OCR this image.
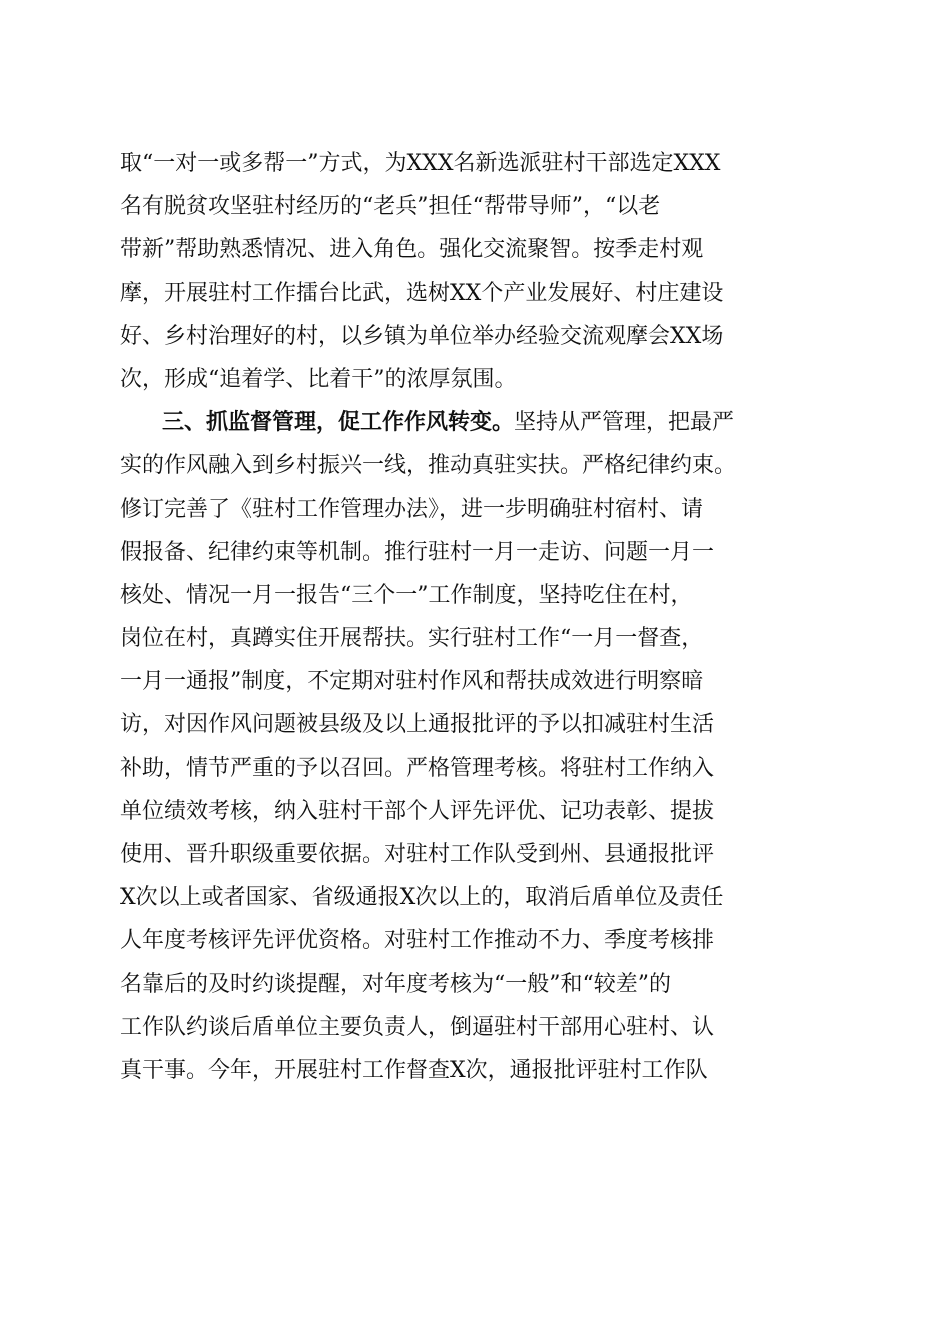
取“一对一或多帮一”方式，为XXX名新选派驻村干部选定XXX
名有脱贫攻坚驻村经历的“老兵”担任“帮带导师”，“以老
带新”帮助熟悉情况、进入角色。强化交流聚智。按季走村观
摩，开展驻村工作擂台比武，选树XX个产业发展好、村庄建设
好、乡村治理好的村，以乡镇为单位举办经验交流观摩会XX场
次，形成“追着学、比着干”的浓厚氛围。
三、抓监督管理，促工作作风转变。坚持从严管理，把最严
实的作风融入到乡村振兴一线，推动真驻实扶。严格纪律约束。
修订完善了《驻村工作管理办法》，进一步明确驻村宿村、请
假报备、纪律约束等机制。推行驻村一月一走访、问题一月一
核处、情况一月一报告“三个一”工作制度，坚持吃住在村，
岗位在村，真蹲实住开展帮扶。实行驻村工作“一月一督查，
一月一通报”制度，不定期对驻村作风和帮扶成效进行明察暗
访，对因作风问题被县级及以上通报批评的予以扣减驻村生活
补助，情节严重的予以召回。严格管理考核。将驻村工作纳入
单位绩效考核，纳入驻村干部个人评先评优、记功表彰、提拔
使用、晋升职级重要依据。对驻村工作队受到州、县通报批评
X次以上或者国家、省级通报X次以上的，取消后盾单位及责任
人年度考核评先评优资格。对驻村工作推动不力、季度考核排
名靠后的及时约谈提醒，对年度考核为“一般”和“较差”的
工作队约谈后盾单位主要负责人，倒逼驻村干部用心驻村、认
真干事。今年，开展驻村工作督查X次，通报批评驻村工作队
